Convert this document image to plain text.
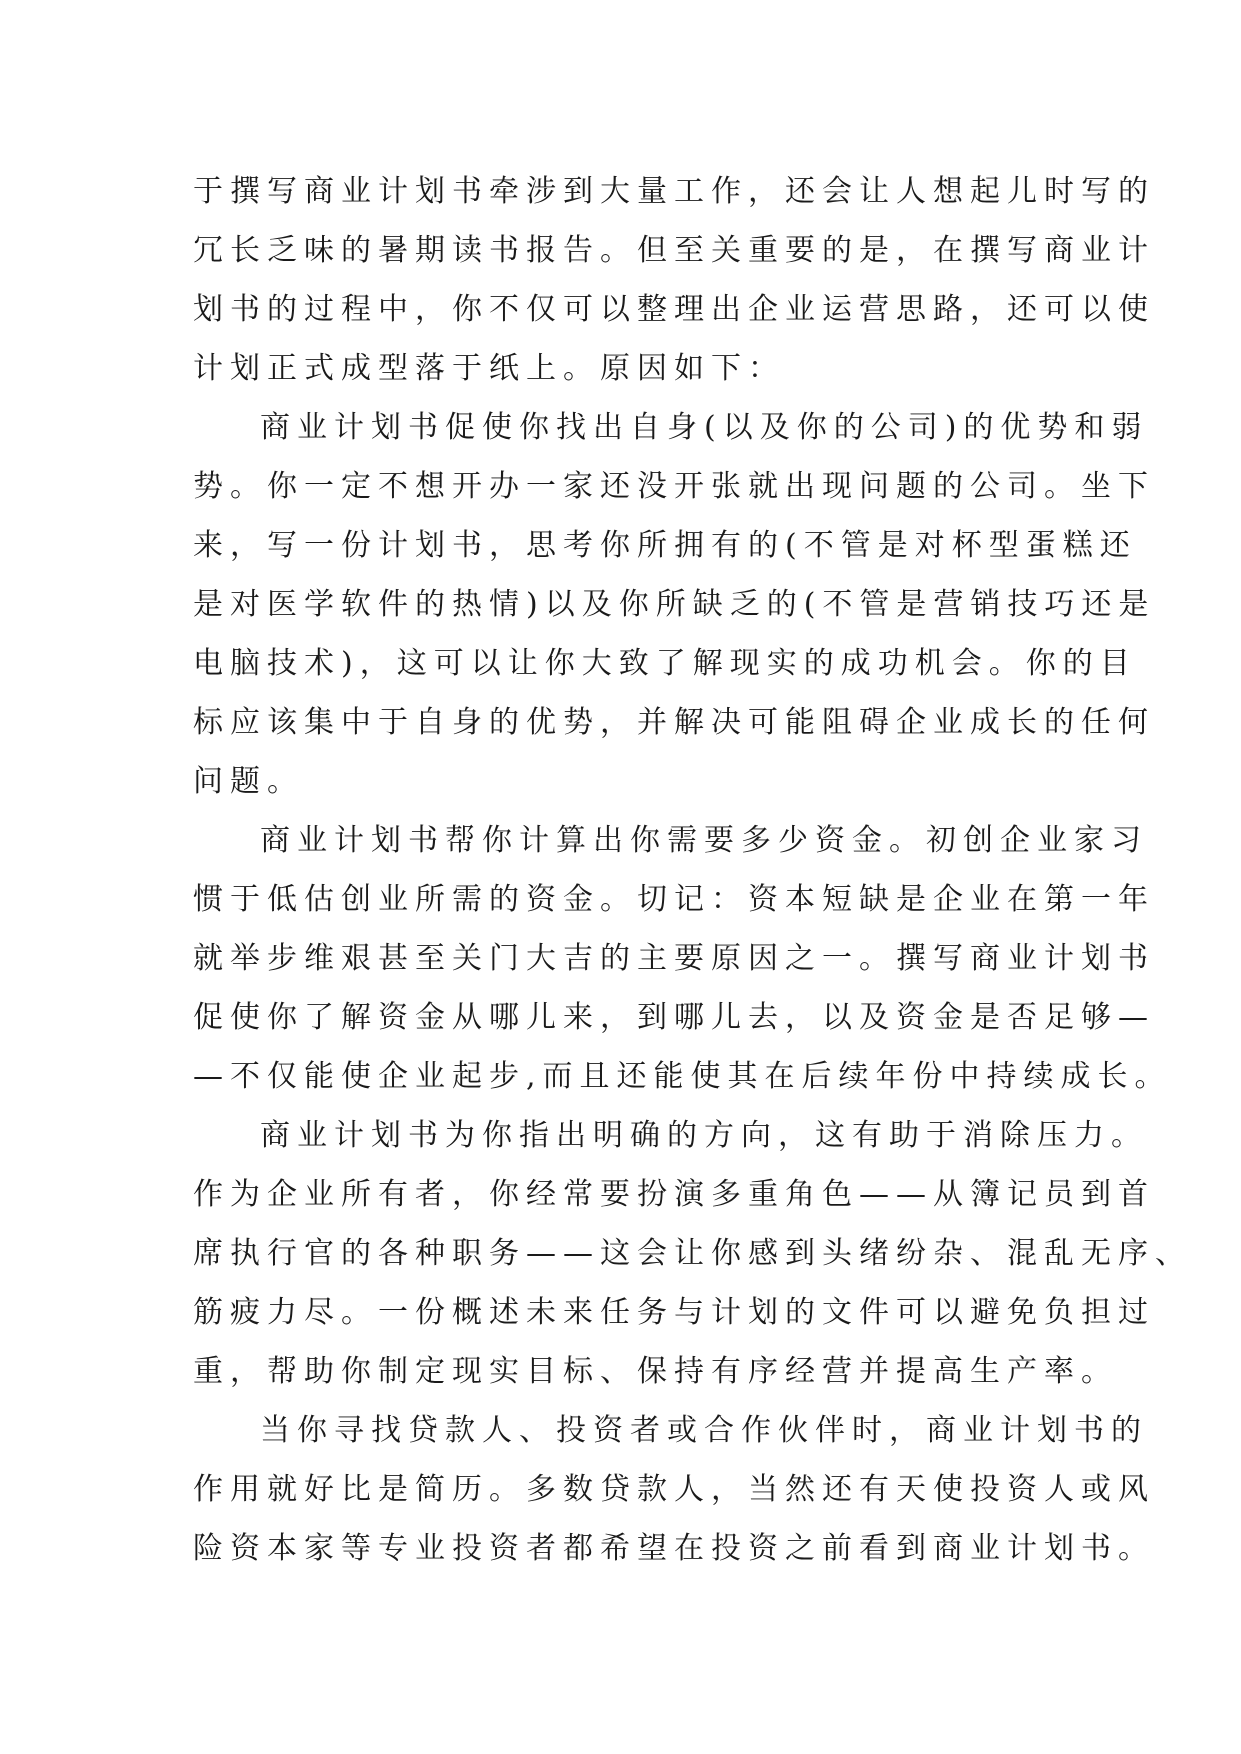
于撰写商业计划书牵涉到大量工作，还会让人想起儿时写的
冗长乏味的暑期读书报告。但至关重要的是，在撰写商业计
划书的过程中，你不仅可以整理出企业运营思路，还可以使
计划正式成型落于纸上。原因如下：
商业计划书促使你找出自身(以及你的公司)的优势和弱
势。你一定不想开办一家还没开张就出现问题的公司。坐下
来，写一份计划书，思考你所拥有的(不管是对杯型蛋糕还
是对医学软件的热情)以及你所缺乏的(不管是营销技巧还是
电脑技术)，这可以让你大致了解现实的成功机会。你的目
标应该集中于自身的优势，并解决可能阻碍企业成长的任何
问题。
商业计划书帮你计算出你需要多少资金。初创企业家习
惯于低估创业所需的资金。切记：资本短缺是企业在第一年
就举步维艰甚至关门大吉的主要原因之一。撰写商业计划书
促使你了解资金从哪儿来，到哪儿去，以及资金是否足够—
—不仅能使企业起步,而且还能使其在后续年份中持续成长。
商业计划书为你指出明确的方向，这有助于消除压力。
作为企业所有者，你经常要扮演多重角色——从簿记员到首
席执行官的各种职务——这会让你感到头绪纷杂、混乱无序、
筋疲力尽。一份概述未来任务与计划的文件可以避免负担过
重，帮助你制定现实目标、保持有序经营并提高生产率。
当你寻找贷款人、投资者或合作伙伴时，商业计划书的
作用就好比是简历。多数贷款人，当然还有天使投资人或风
险资本家等专业投资者都希望在投资之前看到商业计划书。
